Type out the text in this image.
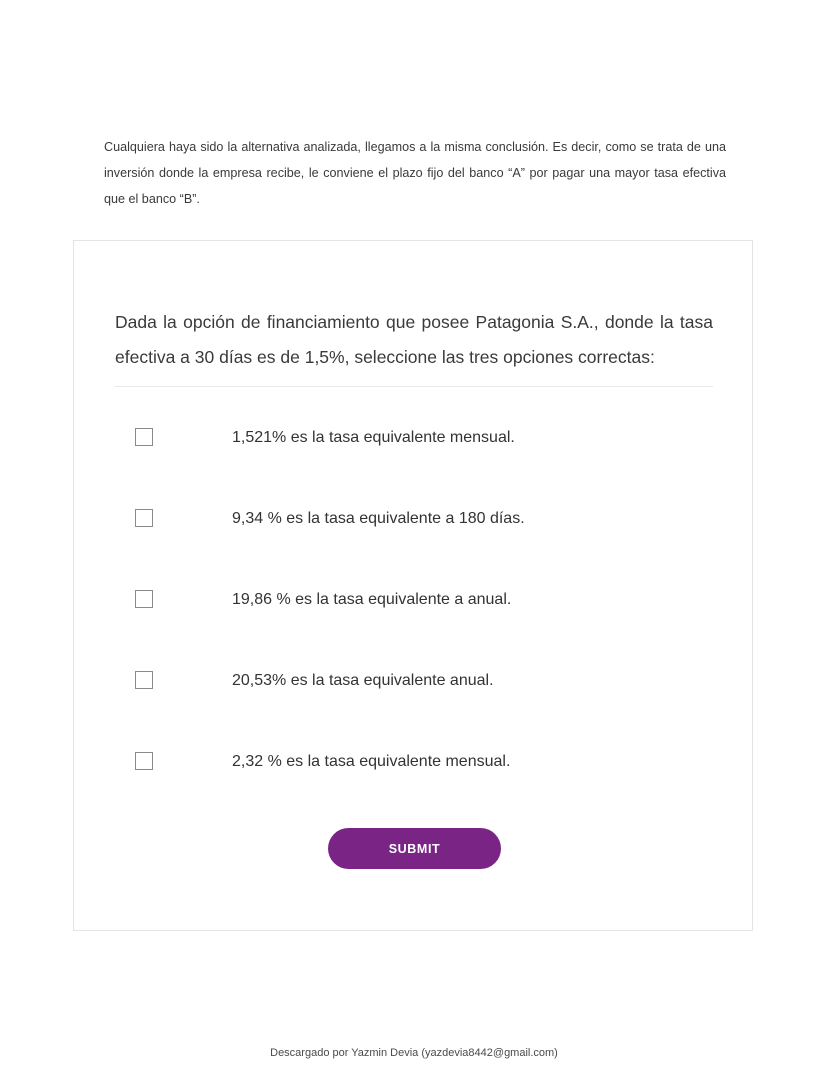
Cualquiera haya sido la alternativa analizada, llegamos a la misma conclusión. Es decir, como se trata de una inversión donde la empresa recibe, le conviene el plazo fijo del banco “A” por pagar una mayor tasa efectiva que el banco “B”.

Dada la opción de financiamiento que posee Patagonia S.A., donde la tasa efectiva a 30 días es de 1,5%, seleccione las tres opciones correctas:

1,521% es la tasa equivalente mensual.
9,34 % es la tasa equivalente a 180 días.
19,86 % es la tasa equivalente a anual.
20,53% es la tasa equivalente anual.
2,32 % es la tasa equivalente mensual.
SUBMIT
Descargado por Yazmin Devia (yazdevia8442@gmail.com)
